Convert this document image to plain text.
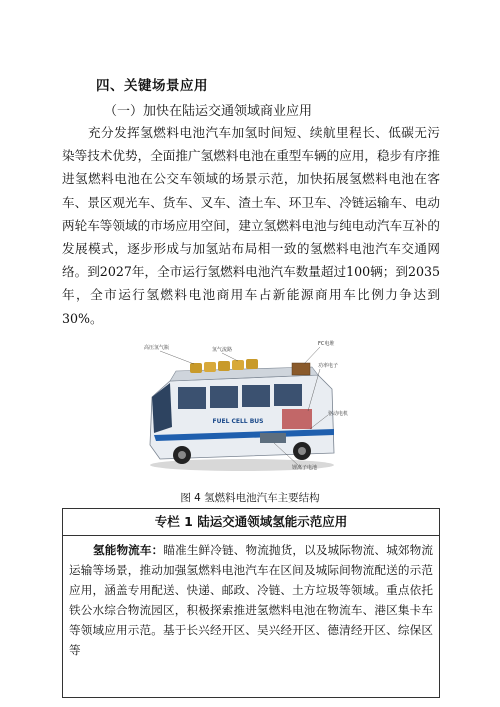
四、关键场景应用
（一）加快在陆运交通领域商业应用
充分发挥氢燃料电池汽车加氢时间短、续航里程长、低碳无污染等技术优势，全面推广氢燃料电池在重型车辆的应用，稳步有序推进氢燃料电池在公交车领域的场景示范，加快拓展氢燃料电池在客车、景区观光车、货车、叉车、渣土车、环卫车、冷链运输车、电动两轮车等领域的市场应用空间，建立氢燃料电池与纯电动汽车互补的发展模式，逐步形成与加氢站布局相一致的氢燃料电池汽车交通网络。到2027年，全市运行氢燃料电池汽车数量超过100辆；到2035年，全市运行氢燃料电池商用车占新能源商用车比例力争达到30%。
FUEL CELL BUS
高压氢气瓶	氢气流路
FC电堆
功率电子
驱动电机
锂离子电池
图 4 氢燃料电池汽车主要结构
专栏 1 陆运交通领域氢能示范应用
氢能物流车：瞄准生鲜冷链、物流抛货，以及城际物流、城郊物流运输等场景，推动加强氢燃料电池汽车在区间及城际间物流配送的示范应用，涵盖专用配送、快递、邮政、冷链、土方垃圾等领域。重点依托铁公水综合物流园区，积极探索推进氢燃料电池在物流车、港区集卡车等领域应用示范。基于长兴经开区、吴兴经开区、德清经开区、综保区等
